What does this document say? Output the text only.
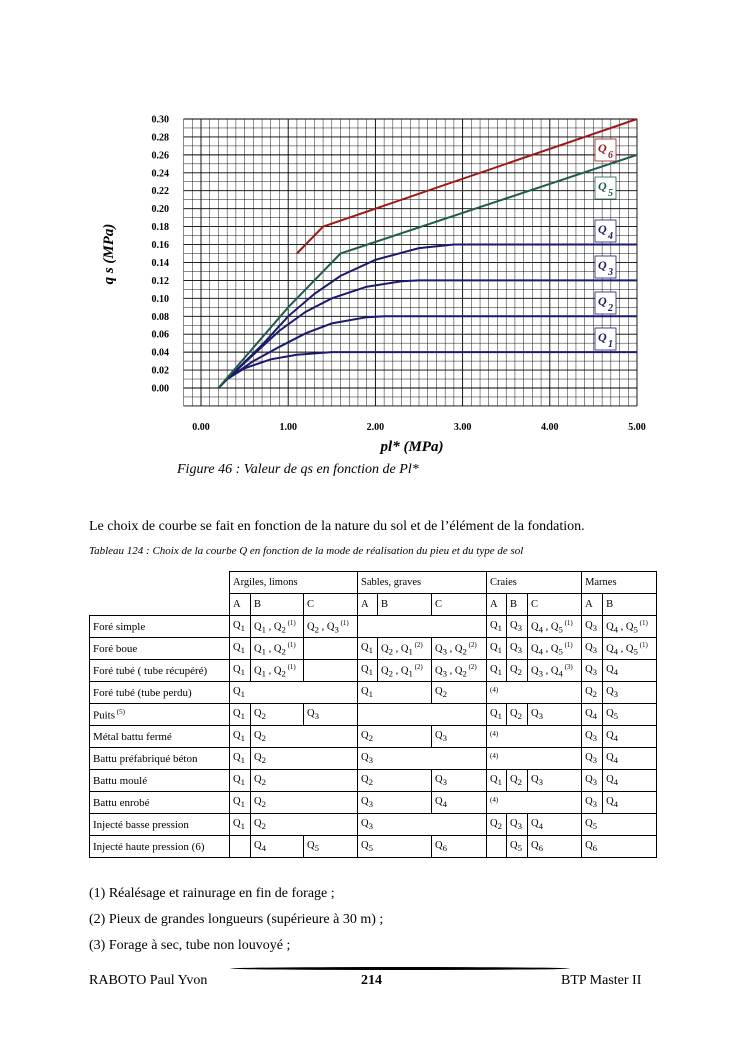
0.00
0.02
0.04
0.06
0.08
0.10
0.12
0.14
0.16
0.18
0.20
0.22
0.24
0.26
0.28
0.30
0.00	1.00	2.00	3.00	4.00	5.00
pl* (MPa)
q s (MPa)
Q
1
Q
2
Q
3
Q
4
Q
5
Q
6
Figure 46 : Valeur de qs en fonction de Pl*
Le choix de courbe se fait en fonction de la nature du sol et de l’élément de la fondation.
Tableau 124 : Choix de la courbe Q en fonction de la mode de réalisation du pieu et du type de sol
	Argiles, limons			Sables, graves			Craies			Marnes	
	A	B	C	A	B	C	A	B	C	A	B
Foré simple	$Q_1$	$Q_1$ , $Q_2$ $^{(1)}$	$Q_2$ , $Q_3$ $^{(1)}$				$Q_1$	$Q_3$	$Q_4$ , $Q_5$ $^{(1)}$	$Q_3$	$Q_4$ , $Q_5$ $^{(1)}$
Foré boue	$Q_1$	$Q_1$ , $Q_2$ $^{(1)}$		$Q_1$	$Q_2$ , $Q_1$ $^{(2)}$	$Q_3$ , $Q_2$ $^{(2)}$	$Q_1$	$Q_3$	$Q_4$ , $Q_5$ $^{(1)}$	$Q_3$	$Q_4$ , $Q_5$ $^{(1)}$
Foré tubé ( tube récupéré)	$Q_1$	$Q_1$ , $Q_2$ $^{(1)}$		$Q_1$	$Q_2$ , $Q_1$ $^{(2)}$	$Q_3$ , $Q_2$ $^{(2)}$	$Q_1$	$Q_2$	$Q_3$ , $Q_4$ $^{(3)}$	$Q_3$	$Q_4$
Foré tubé (tube perdu)	$Q_1$			$Q_1$		$Q_2$	$^{(4)}$			$Q_2$	$Q_3$
Puits $^{(5)}$	$Q_1$	$Q_2$	$Q_3$				$Q_1$	$Q_2$	$Q_3$	$Q_4$	$Q_5$
Métal battu fermé	$Q_1$	$Q_2$		$Q_2$		$Q_3$	$^{(4)}$			$Q_3$	$Q_4$
Battu préfabriqué béton	$Q_1$	$Q_2$		$Q_3$			$^{(4)}$			$Q_3$	$Q_4$
Battu moulé	$Q_1$	$Q_2$		$Q_2$		$Q_3$	$Q_1$	$Q_2$	$Q_3$	$Q_3$	$Q_4$
Battu enrobé	$Q_1$	$Q_2$		$Q_3$		$Q_4$	$^{(4)}$			$Q_3$	$Q_4$
Injecté basse pression	$Q_1$	$Q_2$		$Q_3$			$Q_2$	$Q_3$	$Q_4$	$Q_5$
Injecté haute pression (6)		$Q_4$	$Q_5$	$Q_5$		$Q_6$		$Q_5$	$Q_6$	$Q_6$
(1) Réalésage et rainurage en fin de forage ;
(2) Pieux de grandes longueurs (supérieure à 30 m) ;
(3) Forage à sec, tube non louvoyé ;
RABOTO Paul Yvon	214	BTP Master II
